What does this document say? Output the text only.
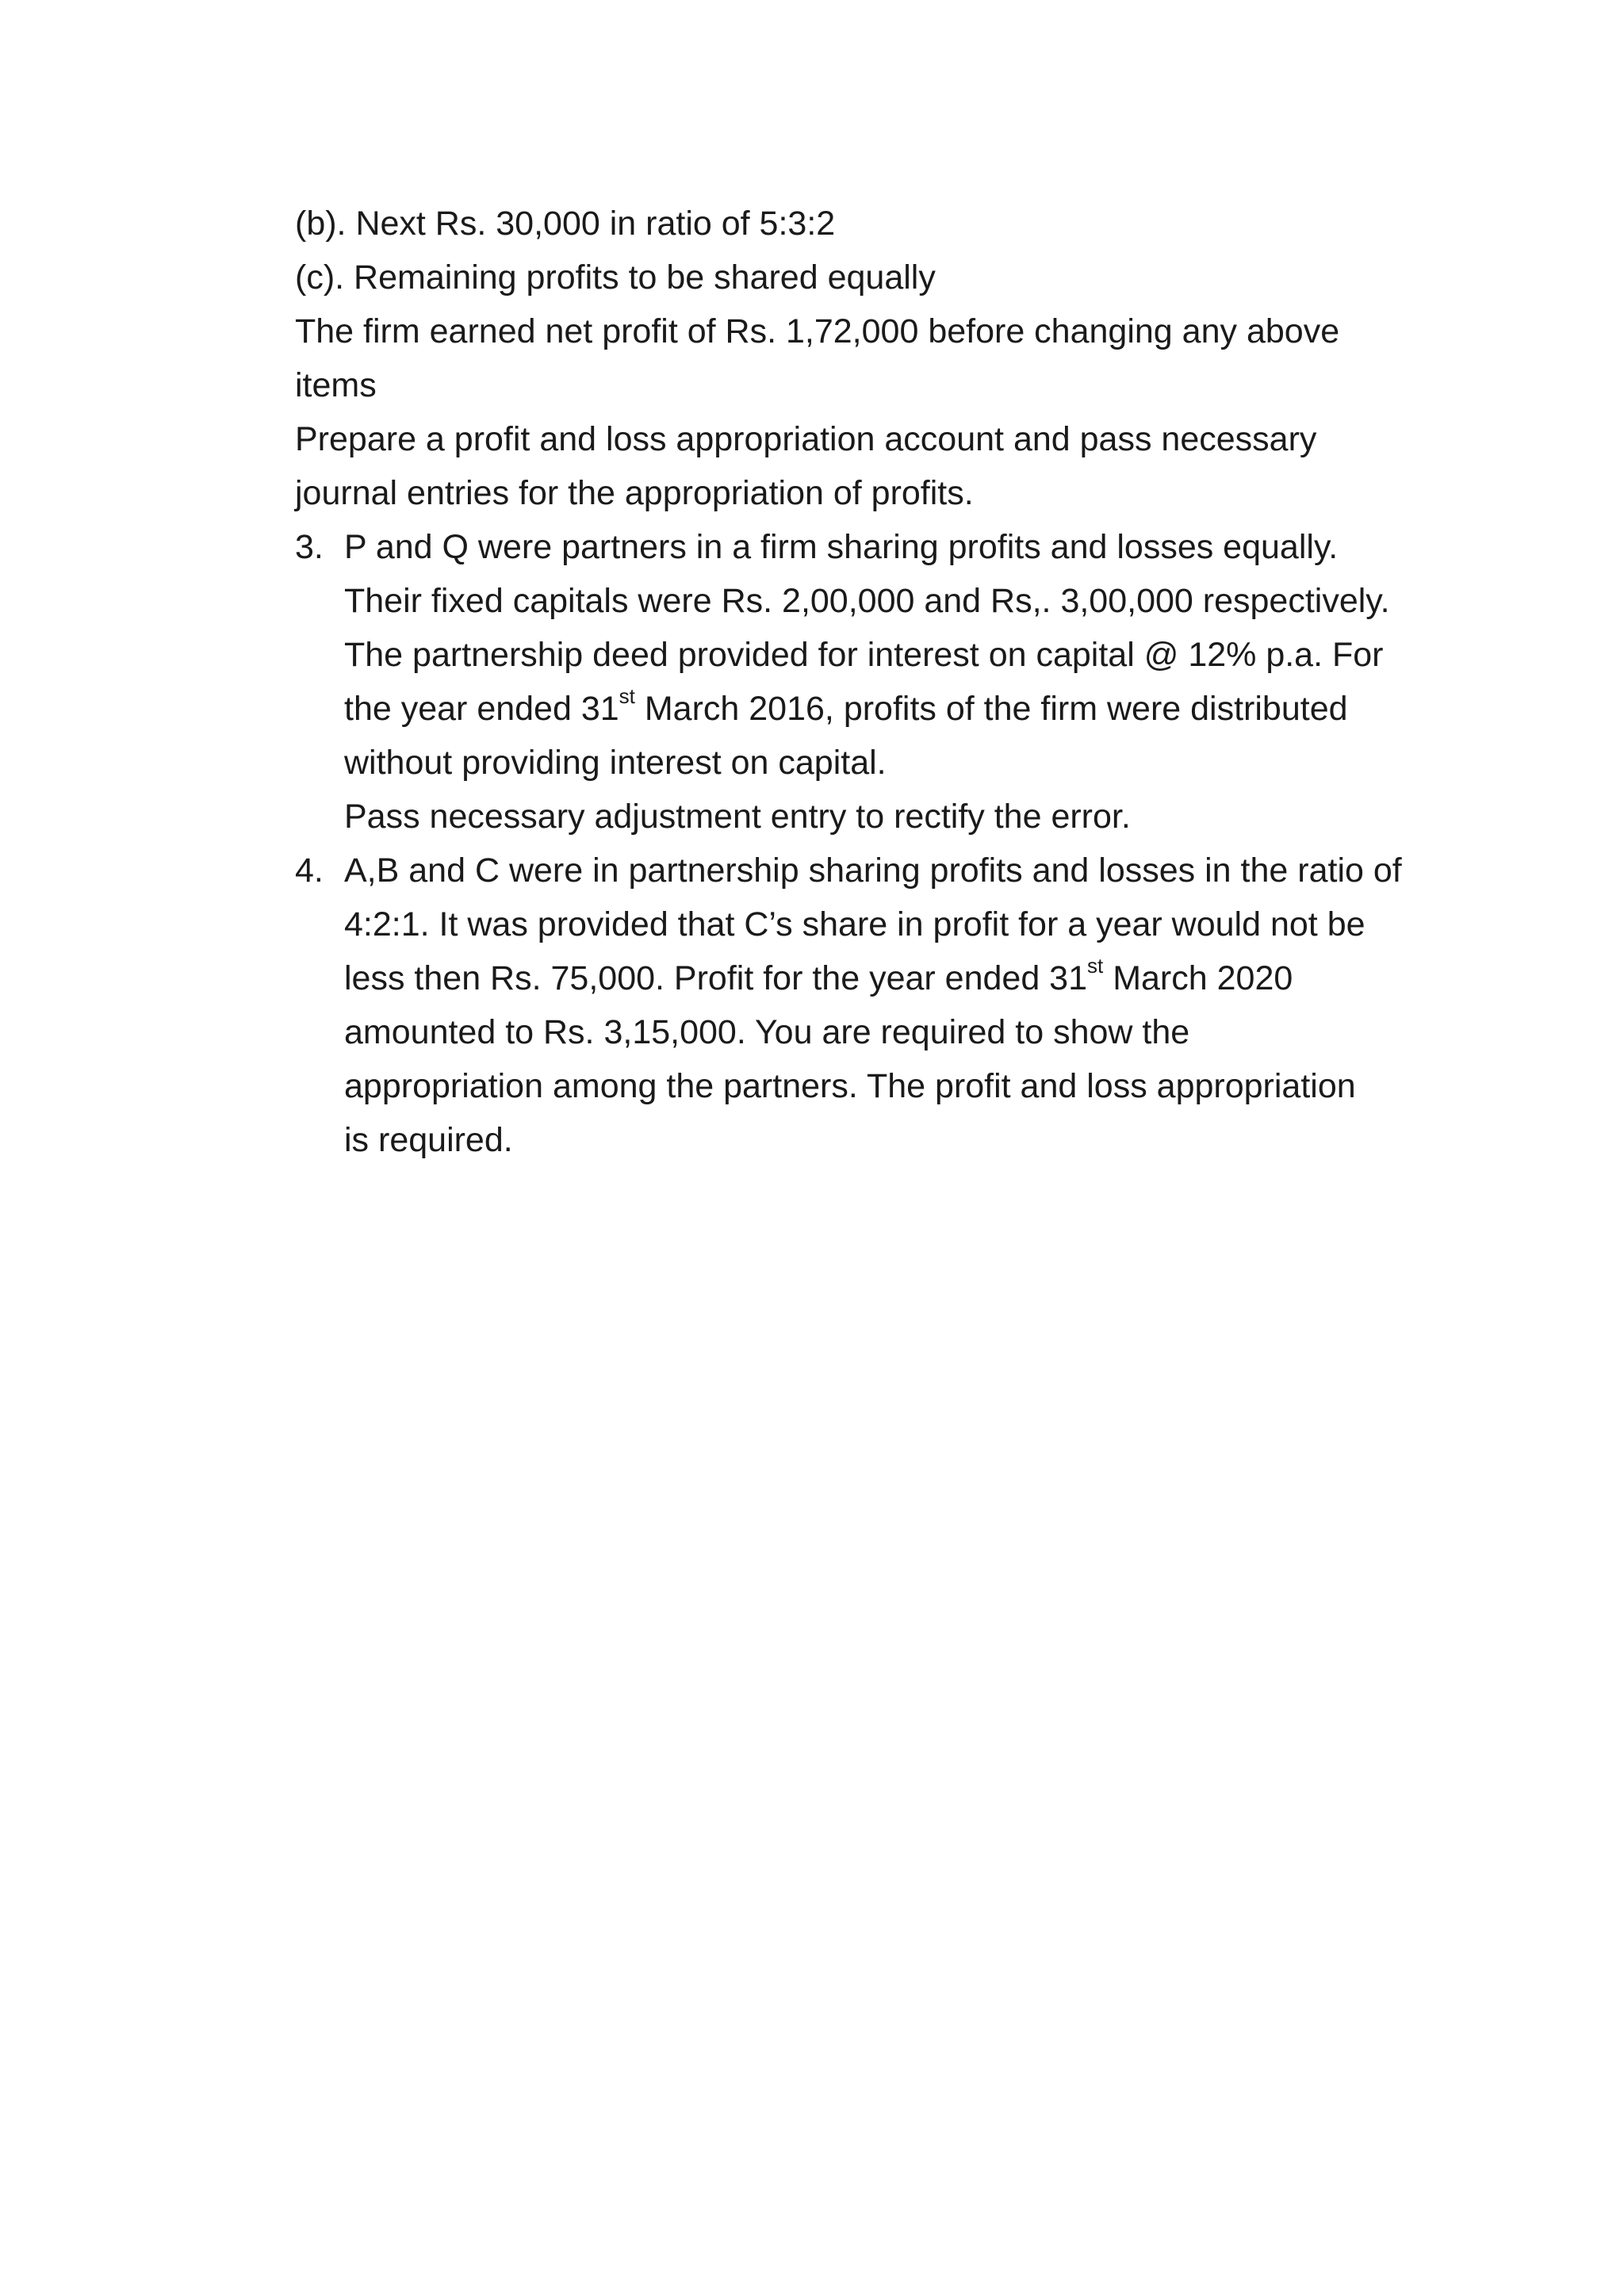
(b). Next Rs. 30,000 in ratio of 5:3:2
(c). Remaining profits to be shared equally
The firm earned net profit of Rs. 1,72,000 before changing any above
items
Prepare a profit and loss appropriation account and pass necessary
journal entries for the appropriation of profits.
3. P and Q were partners in a firm sharing profits and losses equally.
Their fixed capitals were Rs. 2,00,000 and Rs,. 3,00,000 respectively.
The partnership deed provided for interest on capital @ 12% p.a. For
the year ended 31st March 2016, profits of the firm were distributed
without providing interest on capital.
Pass necessary adjustment entry to rectify the error.
4. A,B and C were in partnership sharing profits and losses in the ratio of
4:2:1. It was provided that C’s share in profit for a year would not be
less then Rs. 75,000. Profit for the year ended 31st March 2020
amounted to Rs. 3,15,000. You are required to show the
appropriation among the partners. The profit and loss appropriation
is required.
